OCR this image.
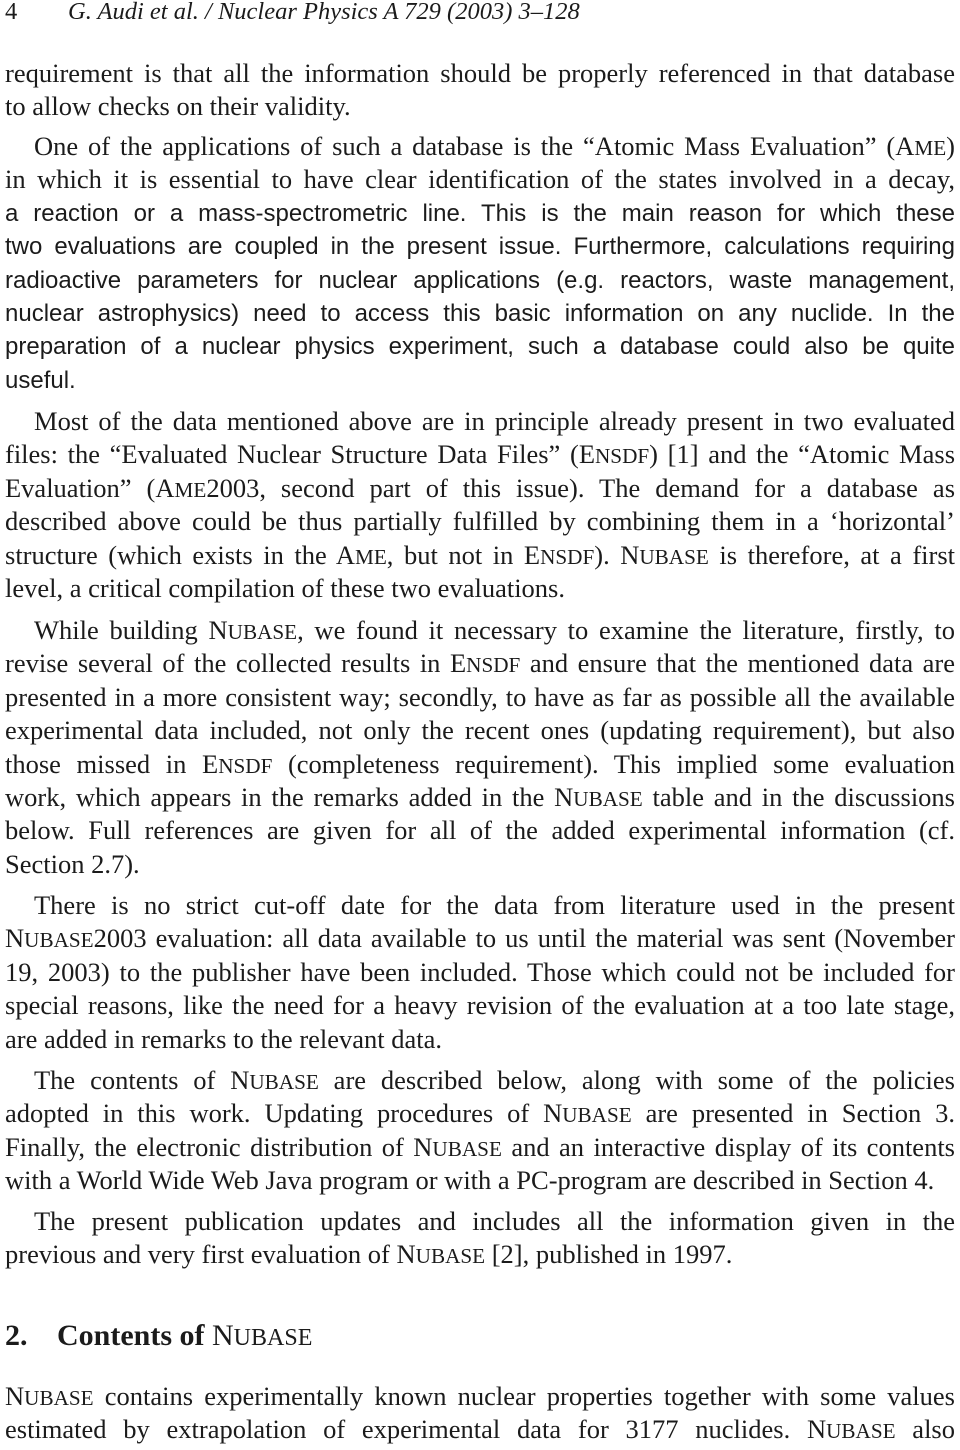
4 G. Audi et al. / Nuclear Physics A 729 (2003) 3–128
requirement is that all the information should be properly referenced in that database
to allow checks on their validity.
One of the applications of such a database is the “Atomic Mass Evaluation” (AME)
in which it is essential to have clear identification of the states involved in a decay,
a reaction or a mass-spectrometric line. This is the main reason for which these
two evaluations are coupled in the present issue. Furthermore, calculations requiring
radioactive parameters for nuclear applications (e.g. reactors, waste management,
nuclear astrophysics) need to access this basic information on any nuclide. In the
preparation of a nuclear physics experiment, such a database could also be quite
useful.
Most of the data mentioned above are in principle already present in two evaluated
files: the “Evaluated Nuclear Structure Data Files” (ENSDF) [1] and the “Atomic Mass
Evaluation” (AME2003, second part of this issue). The demand for a database as
described above could be thus partially fulfilled by combining them in a ‘horizontal’
structure (which exists in the AME, but not in ENSDF). NUBASE is therefore, at a first
level, a critical compilation of these two evaluations.
While building NUBASE, we found it necessary to examine the literature, firstly, to
revise several of the collected results in ENSDF and ensure that the mentioned data are
presented in a more consistent way; secondly, to have as far as possible all the available
experimental data included, not only the recent ones (updating requirement), but also
those missed in ENSDF (completeness requirement). This implied some evaluation
work, which appears in the remarks added in the NUBASE table and in the discussions
below. Full references are given for all of the added experimental information (cf.
Section 2.7).
There is no strict cut-off date for the data from literature used in the present
NUBASE2003 evaluation: all data available to us until the material was sent (November
19, 2003) to the publisher have been included. Those which could not be included for
special reasons, like the need for a heavy revision of the evaluation at a too late stage,
are added in remarks to the relevant data.
The contents of NUBASE are described below, along with some of the policies
adopted in this work. Updating procedures of NUBASE are presented in Section 3.
Finally, the electronic distribution of NUBASE and an interactive display of its contents
with a World Wide Web Java program or with a PC-program are described in Section 4.
The present publication updates and includes all the information given in the
previous and very first evaluation of NUBASE [2], published in 1997.
2. Contents of NUBASE
NUBASE contains experimentally known nuclear properties together with some values
estimated by extrapolation of experimental data for 3177 nuclides. NUBASE also
